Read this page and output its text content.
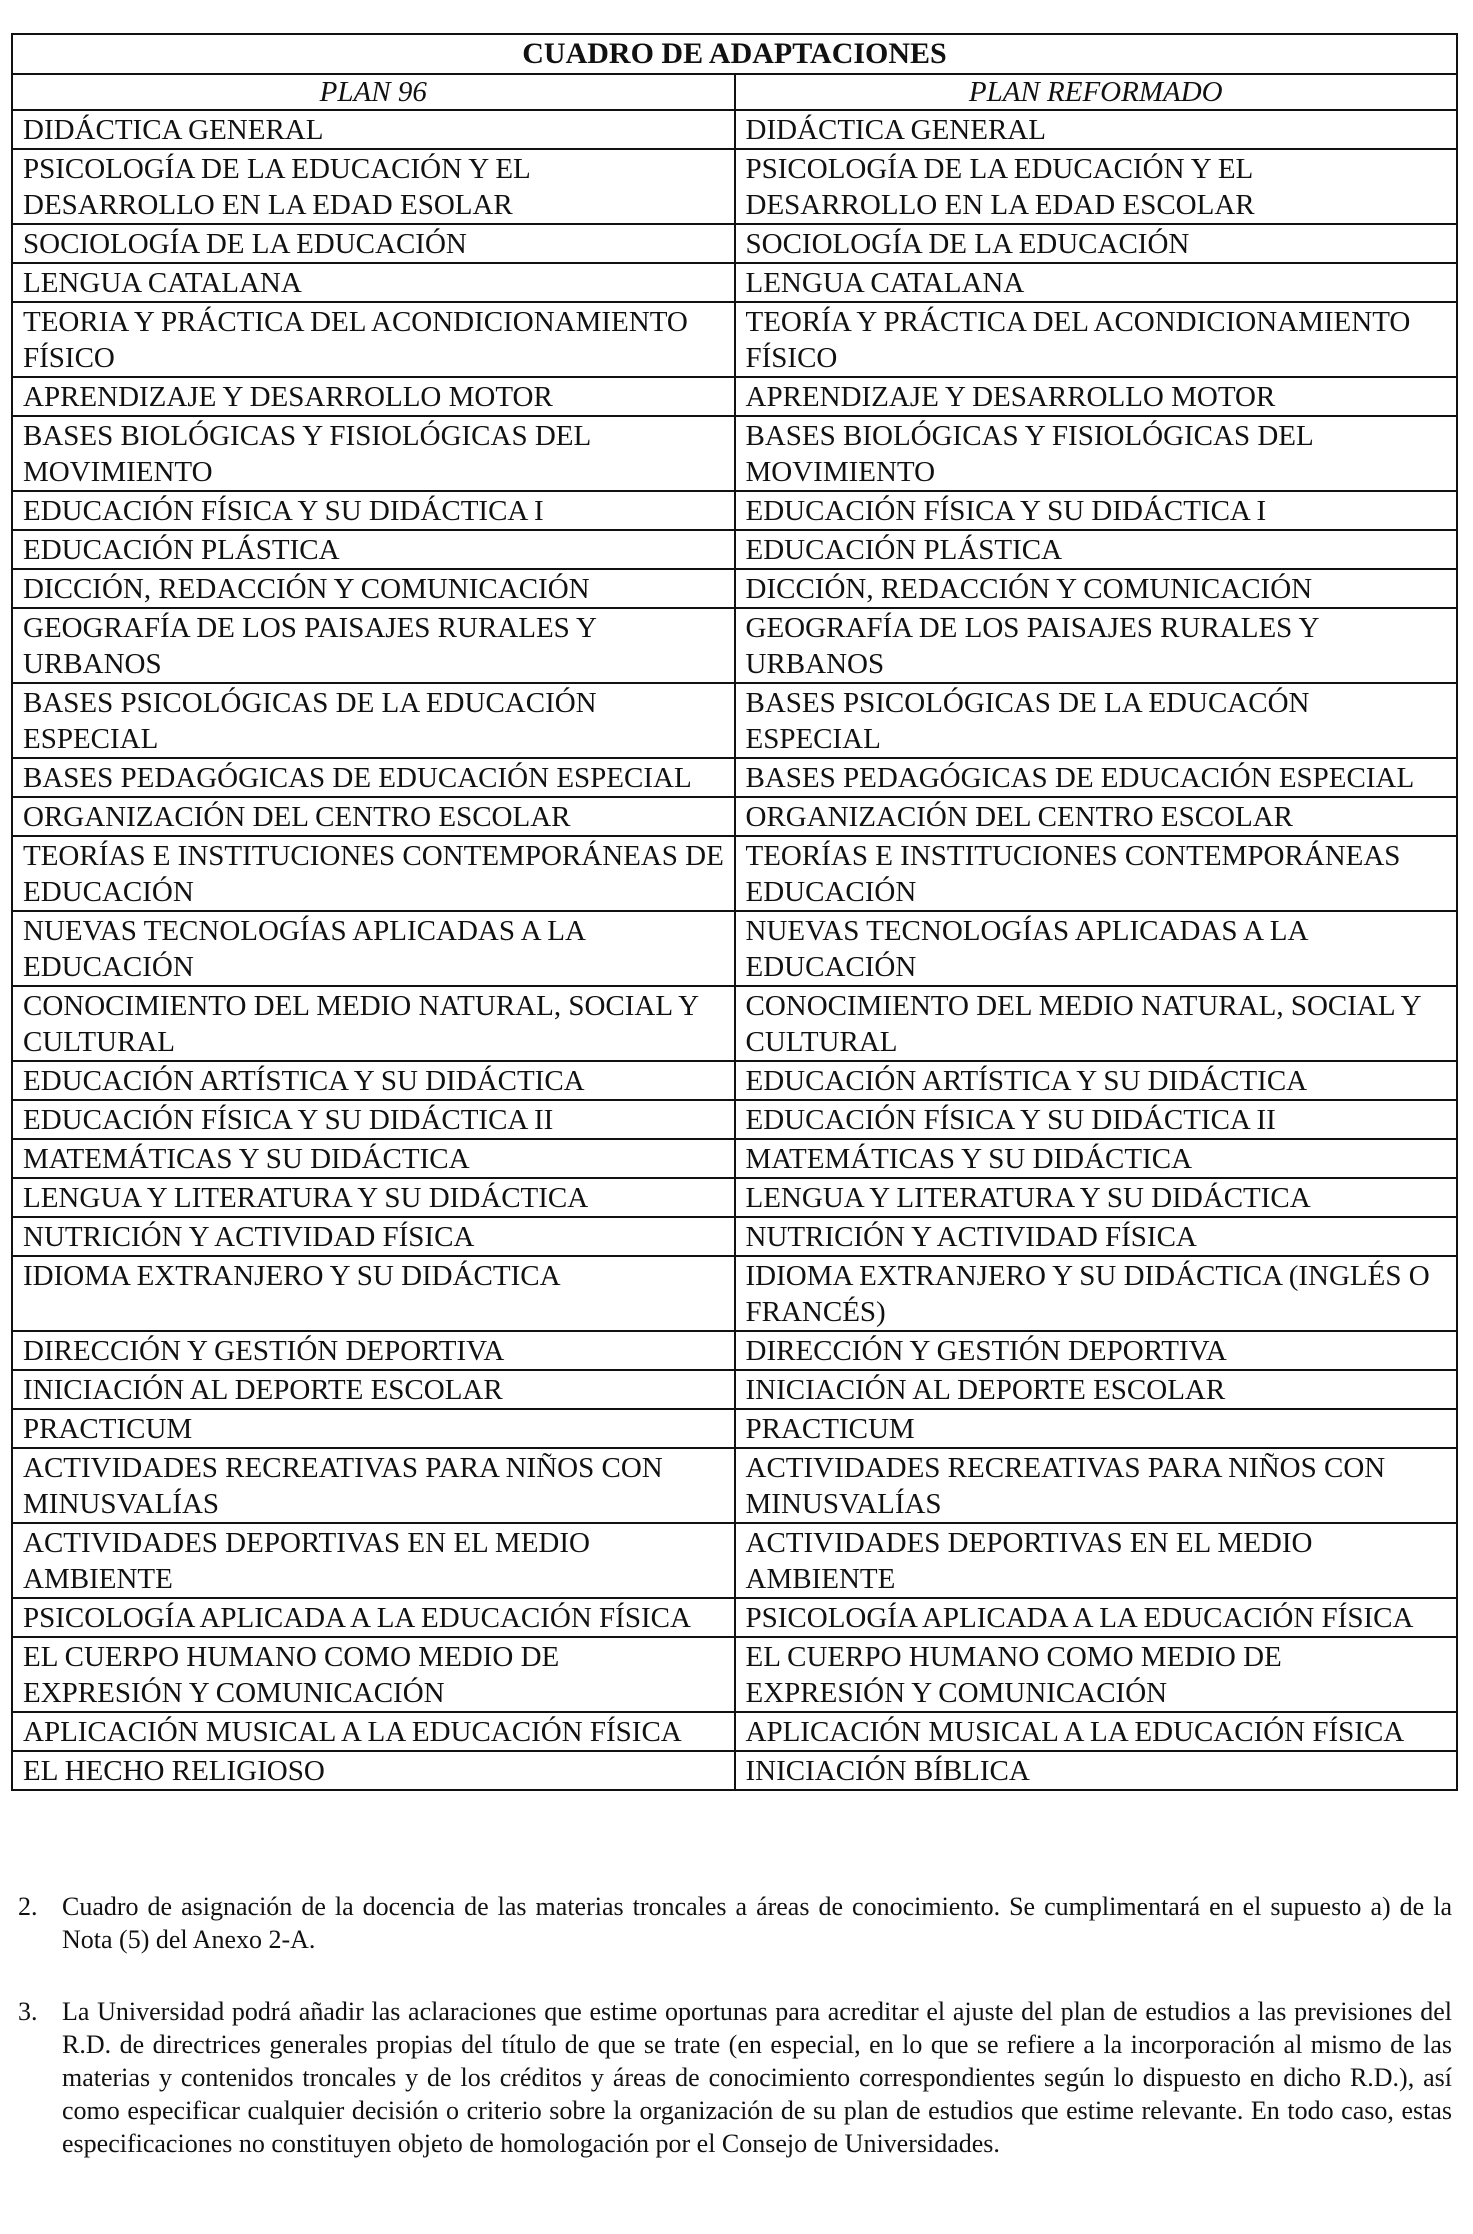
CUADRO DE ADAPTACIONES	
PLAN 96	PLAN REFORMADO
DIDÁCTICA GENERAL	DIDÁCTICA GENERAL
PSICOLOGÍA DE LA EDUCACIÓN Y EL DESARROLLO EN LA EDAD ESOLAR	PSICOLOGÍA DE LA EDUCACIÓN Y EL DESARROLLO EN LA EDAD ESCOLAR
SOCIOLOGÍA DE LA EDUCACIÓN	SOCIOLOGÍA DE LA EDUCACIÓN
LENGUA CATALANA	LENGUA CATALANA
TEORIA Y PRÁCTICA DEL ACONDICIONAMIENTO FÍSICO	TEORÍA Y PRÁCTICA DEL ACONDICIONAMIENTO FÍSICO
APRENDIZAJE Y DESARROLLO MOTOR	APRENDIZAJE Y DESARROLLO MOTOR
BASES BIOLÓGICAS Y FISIOLÓGICAS DEL MOVIMIENTO	BASES BIOLÓGICAS Y FISIOLÓGICAS DEL MOVIMIENTO
EDUCACIÓN FÍSICA Y SU DIDÁCTICA I	EDUCACIÓN FÍSICA Y SU DIDÁCTICA I
EDUCACIÓN PLÁSTICA	EDUCACIÓN PLÁSTICA
DICCIÓN, REDACCIÓN Y COMUNICACIÓN	DICCIÓN, REDACCIÓN Y COMUNICACIÓN
GEOGRAFÍA DE LOS PAISAJES RURALES Y URBANOS	GEOGRAFÍA DE LOS PAISAJES RURALES Y URBANOS
BASES PSICOLÓGICAS DE LA EDUCACIÓN ESPECIAL	BASES PSICOLÓGICAS DE LA EDUCACÓN ESPECIAL
BASES PEDAGÓGICAS DE EDUCACIÓN ESPECIAL	BASES PEDAGÓGICAS DE EDUCACIÓN ESPECIAL
ORGANIZACIÓN DEL CENTRO ESCOLAR	ORGANIZACIÓN DEL CENTRO ESCOLAR
TEORÍAS E INSTITUCIONES CONTEMPORÁNEAS DE EDUCACIÓN	TEORÍAS E INSTITUCIONES CONTEMPORÁNEAS EDUCACIÓN
NUEVAS TECNOLOGÍAS APLICADAS A LA EDUCACIÓN	NUEVAS TECNOLOGÍAS APLICADAS A LA EDUCACIÓN
CONOCIMIENTO DEL MEDIO NATURAL, SOCIAL Y CULTURAL	CONOCIMIENTO DEL MEDIO NATURAL, SOCIAL Y CULTURAL
EDUCACIÓN ARTÍSTICA Y SU DIDÁCTICA	EDUCACIÓN ARTÍSTICA Y SU DIDÁCTICA
EDUCACIÓN FÍSICA Y SU DIDÁCTICA II	EDUCACIÓN FÍSICA Y SU DIDÁCTICA II
MATEMÁTICAS Y SU DIDÁCTICA	MATEMÁTICAS Y SU DIDÁCTICA
LENGUA Y LITERATURA Y SU DIDÁCTICA	LENGUA Y LITERATURA Y SU DIDÁCTICA
NUTRICIÓN Y ACTIVIDAD FÍSICA	NUTRICIÓN Y ACTIVIDAD FÍSICA
IDIOMA EXTRANJERO Y SU DIDÁCTICA	IDIOMA EXTRANJERO Y SU DIDÁCTICA (INGLÉS O FRANCÉS)
DIRECCIÓN Y GESTIÓN DEPORTIVA	DIRECCIÓN Y GESTIÓN DEPORTIVA
INICIACIÓN AL DEPORTE ESCOLAR	INICIACIÓN AL DEPORTE ESCOLAR
PRACTICUM	PRACTICUM
ACTIVIDADES RECREATIVAS PARA NIÑOS CON MINUSVALÍAS	ACTIVIDADES RECREATIVAS PARA NIÑOS CON MINUSVALÍAS
ACTIVIDADES DEPORTIVAS EN EL MEDIO AMBIENTE	ACTIVIDADES DEPORTIVAS EN EL MEDIO AMBIENTE
PSICOLOGÍA APLICADA A LA EDUCACIÓN FÍSICA	PSICOLOGÍA APLICADA A LA EDUCACIÓN FÍSICA
EL CUERPO HUMANO COMO MEDIO DE EXPRESIÓN Y COMUNICACIÓN	EL CUERPO HUMANO COMO MEDIO DE EXPRESIÓN Y COMUNICACIÓN
APLICACIÓN MUSICAL A LA EDUCACIÓN FÍSICA	APLICACIÓN MUSICAL A LA EDUCACIÓN FÍSICA
EL HECHO RELIGIOSO	INICIACIÓN BÍBLICA
2. Cuadro de asignación de la docencia de las materias troncales a áreas de conocimiento. Se cumplimentará en el supuesto a) de la Nota (5) del Anexo 2-A.
3. La Universidad podrá añadir las aclaraciones que estime oportunas para acreditar el ajuste del plan de estudios a las previsiones del R.D. de directrices generales propias del título de que se trate (en especial, en lo que se refiere a la incorporación al mismo de las materias y contenidos troncales y de los créditos y áreas de conocimiento correspondientes según lo dispuesto en dicho R.D.), así como especificar cualquier decisión o criterio sobre la organización de su plan de estudios que estime relevante. En todo caso, estas especificaciones no constituyen objeto de homologación por el Consejo de Universidades.
